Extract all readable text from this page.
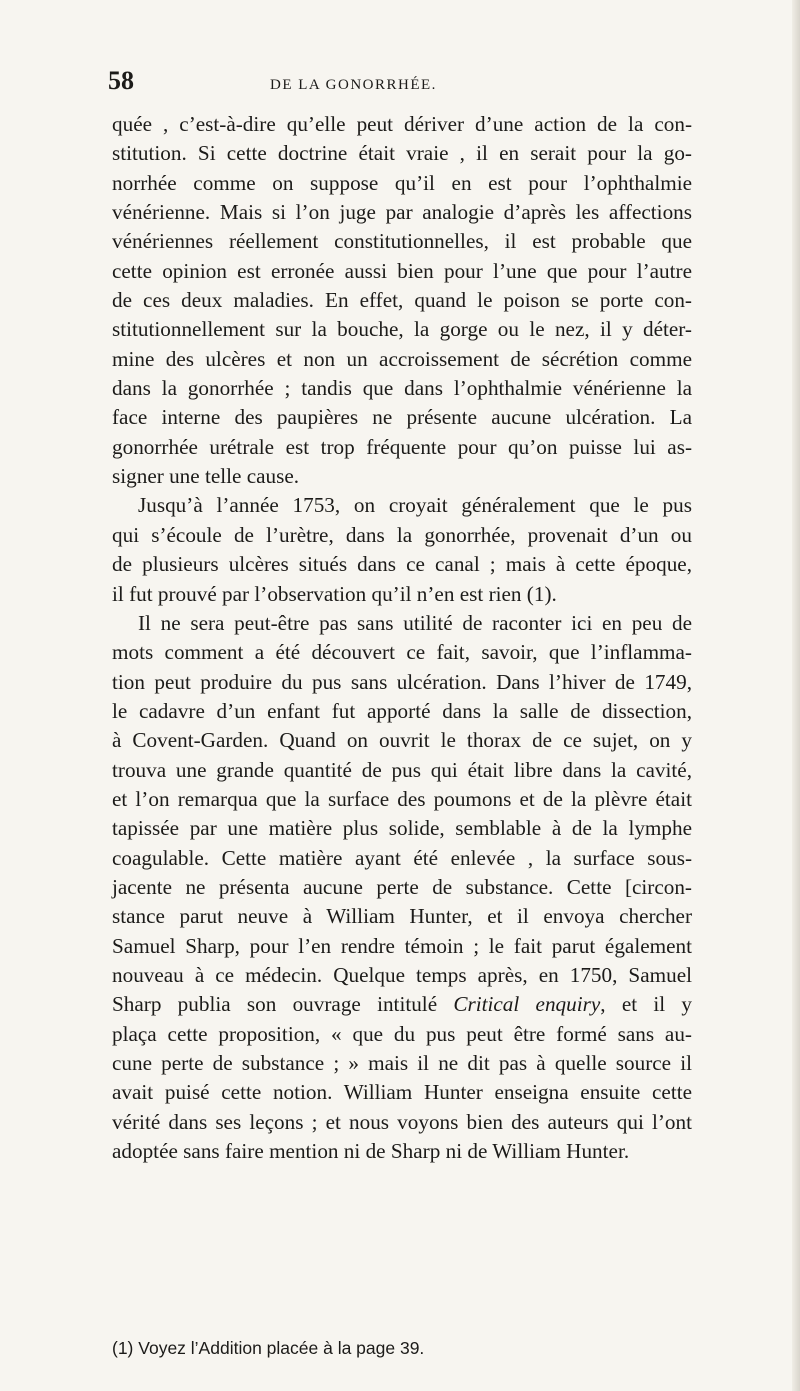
58	DE LA GONORRHÉE.
quée , c’est-à-dire qu’elle peut dériver d’une action de la con-
stitution. Si cette doctrine était vraie , il en serait pour la go-
norrhée comme on suppose qu’il en est pour l’ophthalmie
vénérienne. Mais si l’on juge par analogie d’après les affections
vénériennes réellement constitutionnelles, il est probable que
cette opinion est erronée aussi bien pour l’une que pour l’autre
de ces deux maladies. En effet, quand le poison se porte con-
stitutionnellement sur la bouche, la gorge ou le nez, il y déter-
mine des ulcères et non un accroissement de sécrétion comme
dans la gonorrhée ; tandis que dans l’ophthalmie vénérienne la
face interne des paupières ne présente aucune ulcération. La
gonorrhée urétrale est trop fréquente pour qu’on puisse lui as-
signer une telle cause.
Jusqu’à l’année 1753, on croyait généralement que le pus
qui s’écoule de l’urètre, dans la gonorrhée, provenait d’un ou
de plusieurs ulcères situés dans ce canal ; mais à cette époque,
il fut prouvé par l’observation qu’il n’en est rien (1).
Il ne sera peut-être pas sans utilité de raconter ici en peu de
mots comment a été découvert ce fait, savoir, que l’inflamma-
tion peut produire du pus sans ulcération. Dans l’hiver de 1749,
le cadavre d’un enfant fut apporté dans la salle de dissection,
à Covent-Garden. Quand on ouvrit le thorax de ce sujet, on y
trouva une grande quantité de pus qui était libre dans la cavité,
et l’on remarqua que la surface des poumons et de la plèvre était
tapissée par une matière plus solide, semblable à de la lymphe
coagulable. Cette matière ayant été enlevée , la surface sous-
jacente ne présenta aucune perte de substance. Cette [circon-
stance parut neuve à William Hunter, et il envoya chercher
Samuel Sharp, pour l’en rendre témoin ; le fait parut également
nouveau à ce médecin. Quelque temps après, en 1750, Samuel
Sharp publia son ouvrage intitulé Critical enquiry, et il y
plaça cette proposition, « que du pus peut être formé sans au-
cune perte de substance ; » mais il ne dit pas à quelle source il
avait puisé cette notion. William Hunter enseigna ensuite cette
vérité dans ses leçons ; et nous voyons bien des auteurs qui l’ont
adoptée sans faire mention ni de Sharp ni de William Hunter.
(1) Voyez l’Addition placée à la page 39.
